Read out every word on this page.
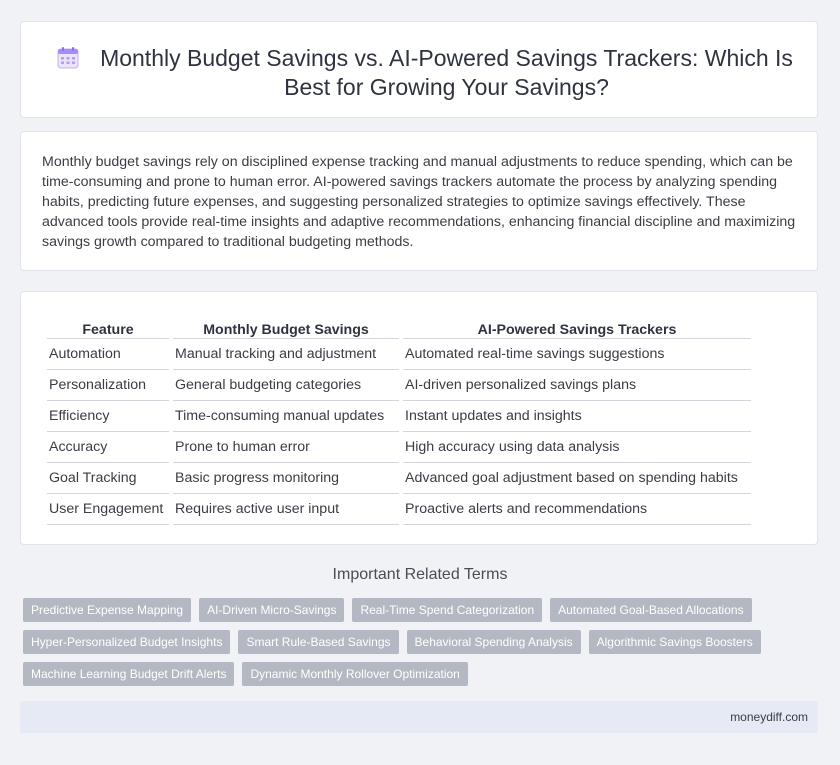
Monthly Budget Savings vs. AI-Powered Savings Trackers: Which Is Best for Growing Your Savings?

Monthly budget savings rely on disciplined expense tracking and manual adjustments to reduce spending, which can be time-consuming and prone to human error. AI-powered savings trackers automate the process by analyzing spending habits, predicting future expenses, and suggesting personalized strategies to optimize savings effectively. These advanced tools provide real-time insights and adaptive recommendations, enhancing financial discipline and maximizing savings growth compared to traditional budgeting methods.

Feature	Monthly Budget Savings	AI-Powered Savings Trackers
Automation	Manual tracking and adjustment	Automated real-time savings suggestions
Personalization	General budgeting categories	AI-driven personalized savings plans
Efficiency	Time-consuming manual updates	Instant updates and insights
Accuracy	Prone to human error	High accuracy using data analysis
Goal Tracking	Basic progress monitoring	Advanced goal adjustment based on spending habits
User Engagement	Requires active user input	Proactive alerts and recommendations
Important Related Terms
Predictive Expense Mapping	AI-Driven Micro-Savings	Real-Time Spend Categorization	Automated Goal-Based Allocations
Hyper-Personalized Budget Insights	Smart Rule-Based Savings	Behavioral Spending Analysis	Algorithmic Savings Boosters
Machine Learning Budget Drift Alerts	Dynamic Monthly Rollover Optimization
moneydiff.com
